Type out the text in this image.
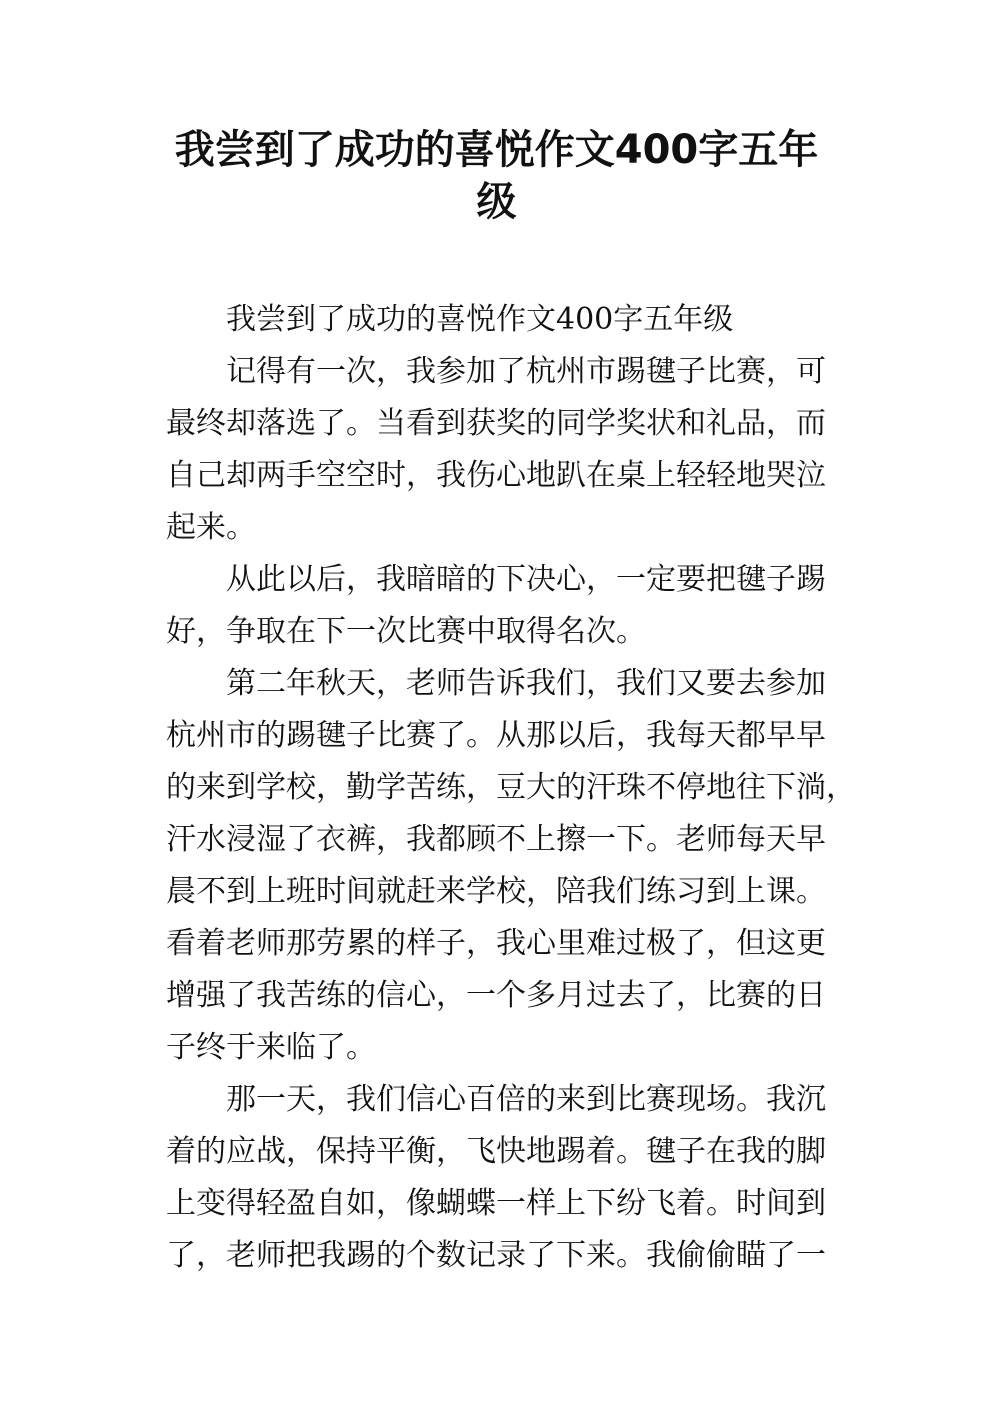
我尝到了成功的喜悦作文400字五年
级
我尝到了成功的喜悦作文400字五年级
记得有一次，我参加了杭州市踢毽子比赛，可
最终却落选了。当看到获奖的同学奖状和礼品，而
自己却两手空空时，我伤心地趴在桌上轻轻地哭泣
起来。
从此以后，我暗暗的下决心，一定要把毽子踢
好，争取在下一次比赛中取得名次。
第二年秋天，老师告诉我们，我们又要去参加
杭州市的踢毽子比赛了。从那以后，我每天都早早
的来到学校，勤学苦练，豆大的汗珠不停地往下淌，
汗水浸湿了衣裤，我都顾不上擦一下。老师每天早
晨不到上班时间就赶来学校，陪我们练习到上课。
看着老师那劳累的样子，我心里难过极了，但这更
增强了我苦练的信心，一个多月过去了，比赛的日
子终于来临了。
那一天，我们信心百倍的来到比赛现场。我沉
着的应战，保持平衡，飞快地踢着。毽子在我的脚
上变得轻盈自如，像蝴蝶一样上下纷飞着。时间到
了，老师把我踢的个数记录了下来。我偷偷瞄了一
